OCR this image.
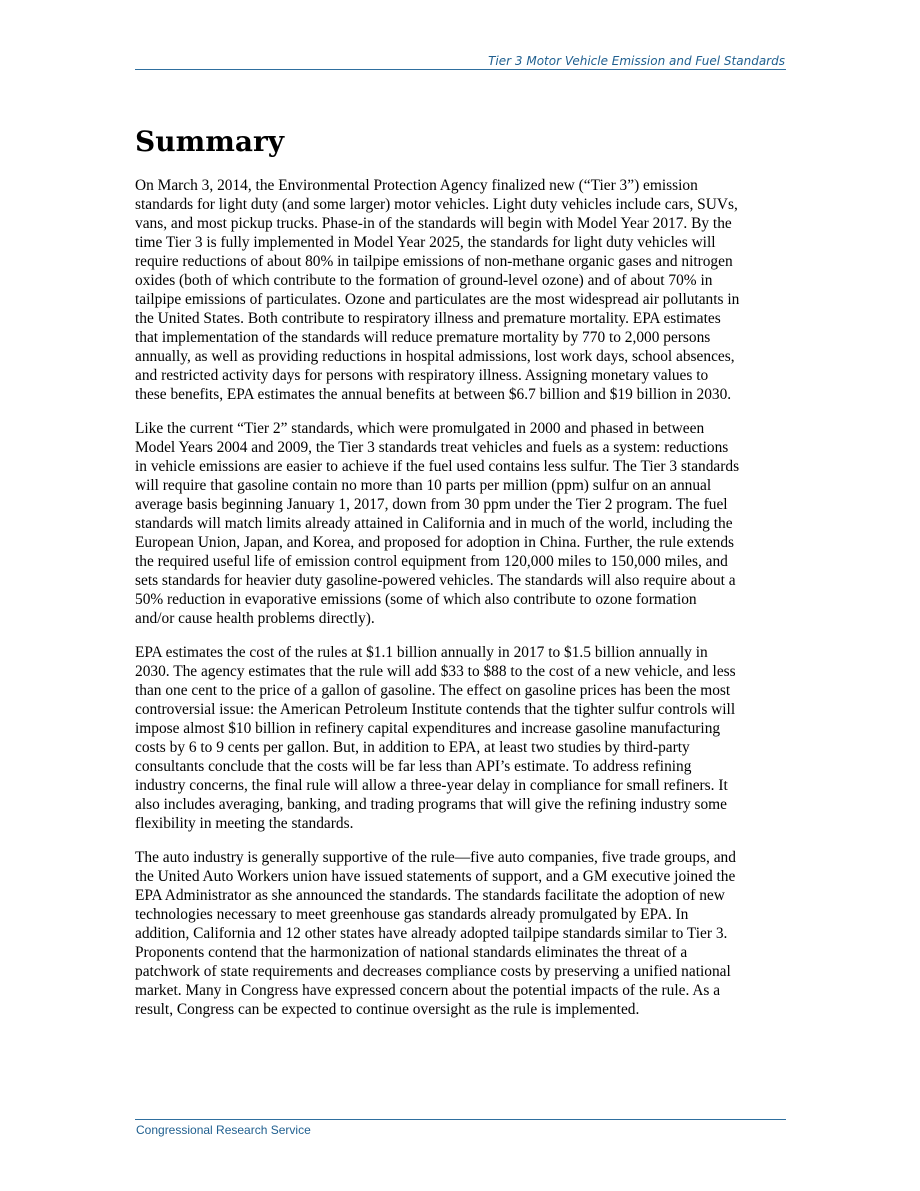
Tier 3 Motor Vehicle Emission and Fuel Standards
Summary

On March 3, 2014, the Environmental Protection Agency finalized new (“Tier 3”) emission
standards for light duty (and some larger) motor vehicles. Light duty vehicles include cars, SUVs,
vans, and most pickup trucks. Phase-in of the standards will begin with Model Year 2017. By the
time Tier 3 is fully implemented in Model Year 2025, the standards for light duty vehicles will
require reductions of about 80% in tailpipe emissions of non-methane organic gases and nitrogen
oxides (both of which contribute to the formation of ground-level ozone) and of about 70% in
tailpipe emissions of particulates. Ozone and particulates are the most widespread air pollutants in
the United States. Both contribute to respiratory illness and premature mortality. EPA estimates
that implementation of the standards will reduce premature mortality by 770 to 2,000 persons
annually, as well as providing reductions in hospital admissions, lost work days, school absences,
and restricted activity days for persons with respiratory illness. Assigning monetary values to
these benefits, EPA estimates the annual benefits at between $6.7 billion and $19 billion in 2030.

Like the current “Tier 2” standards, which were promulgated in 2000 and phased in between
Model Years 2004 and 2009, the Tier 3 standards treat vehicles and fuels as a system: reductions
in vehicle emissions are easier to achieve if the fuel used contains less sulfur. The Tier 3 standards
will require that gasoline contain no more than 10 parts per million (ppm) sulfur on an annual
average basis beginning January 1, 2017, down from 30 ppm under the Tier 2 program. The fuel
standards will match limits already attained in California and in much of the world, including the
European Union, Japan, and Korea, and proposed for adoption in China. Further, the rule extends
the required useful life of emission control equipment from 120,000 miles to 150,000 miles, and
sets standards for heavier duty gasoline-powered vehicles. The standards will also require about a
50% reduction in evaporative emissions (some of which also contribute to ozone formation
and/or cause health problems directly).

EPA estimates the cost of the rules at $1.1 billion annually in 2017 to $1.5 billion annually in
2030. The agency estimates that the rule will add $33 to $88 to the cost of a new vehicle, and less
than one cent to the price of a gallon of gasoline. The effect on gasoline prices has been the most
controversial issue: the American Petroleum Institute contends that the tighter sulfur controls will
impose almost $10 billion in refinery capital expenditures and increase gasoline manufacturing
costs by 6 to 9 cents per gallon. But, in addition to EPA, at least two studies by third-party
consultants conclude that the costs will be far less than API’s estimate. To address refining
industry concerns, the final rule will allow a three-year delay in compliance for small refiners. It
also includes averaging, banking, and trading programs that will give the refining industry some
flexibility in meeting the standards.

The auto industry is generally supportive of the rule—five auto companies, five trade groups, and
the United Auto Workers union have issued statements of support, and a GM executive joined the
EPA Administrator as she announced the standards. The standards facilitate the adoption of new
technologies necessary to meet greenhouse gas standards already promulgated by EPA. In
addition, California and 12 other states have already adopted tailpipe standards similar to Tier 3.
Proponents contend that the harmonization of national standards eliminates the threat of a
patchwork of state requirements and decreases compliance costs by preserving a unified national
market. Many in Congress have expressed concern about the potential impacts of the rule. As a
result, Congress can be expected to continue oversight as the rule is implemented.

Congressional Research Service
